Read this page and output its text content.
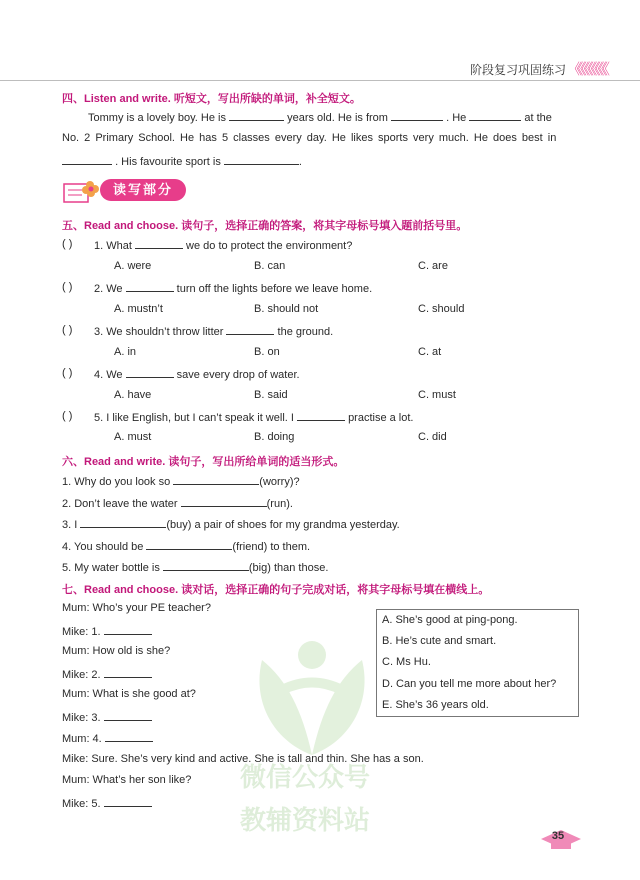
阶段复习巩固练习 《《《《《《《《《
微信公众号
教辅资料站
四、Listen and write. 听短文，写出所缺的单词，补全短文。
Tommy is a lovely boy. He is	years old. He is from	. He	at the
No. 2 Primary School. He has 5 classes every day. He likes sports very much. He does best in
. His favourite sport is	.
读写部分
五、Read and choose. 读句子，选择正确的答案，将其字母标号填入题前括号里。
( ) 1. What	we do to protect the environment?
A. were	B. can	C. are
( ) 2. We	turn off the lights before we leave home.
A. mustn’t	B. should not	C. should
( ) 3. We shouldn’t throw litter	the ground.
A. in	B. on	C. at
( ) 4. We	save every drop of water.
A. have	B. said	C. must
( ) 5. I like English, but I can’t speak it well. I	practise a lot.
A. must	B. doing	C. did
六、Read and write. 读句子，写出所给单词的适当形式。
1. Why do you look so	(worry)?
2. Don’t leave the water	(run).
3. I	(buy) a pair of shoes for my grandma yesterday.
4. You should be	(friend) to them.
5. My water bottle is	(big) than those.
七、Read and choose. 读对话，选择正确的句子完成对话，将其字母标号填在横线上。
Mum: Who’s your PE teacher?
Mike: 1.
Mum: How old is she?
Mike: 2.
Mum: What is she good at?
Mike: 3.
Mum: 4.
Mike: Sure. She’s very kind and active. She is tall and thin. She has a son.
Mum: What’s her son like?
Mike: 5.
A. She’s good at ping-pong.
B. He’s cute and smart.
C. Ms Hu.
D. Can you tell me more about her?
E. She’s 36 years old.
35
